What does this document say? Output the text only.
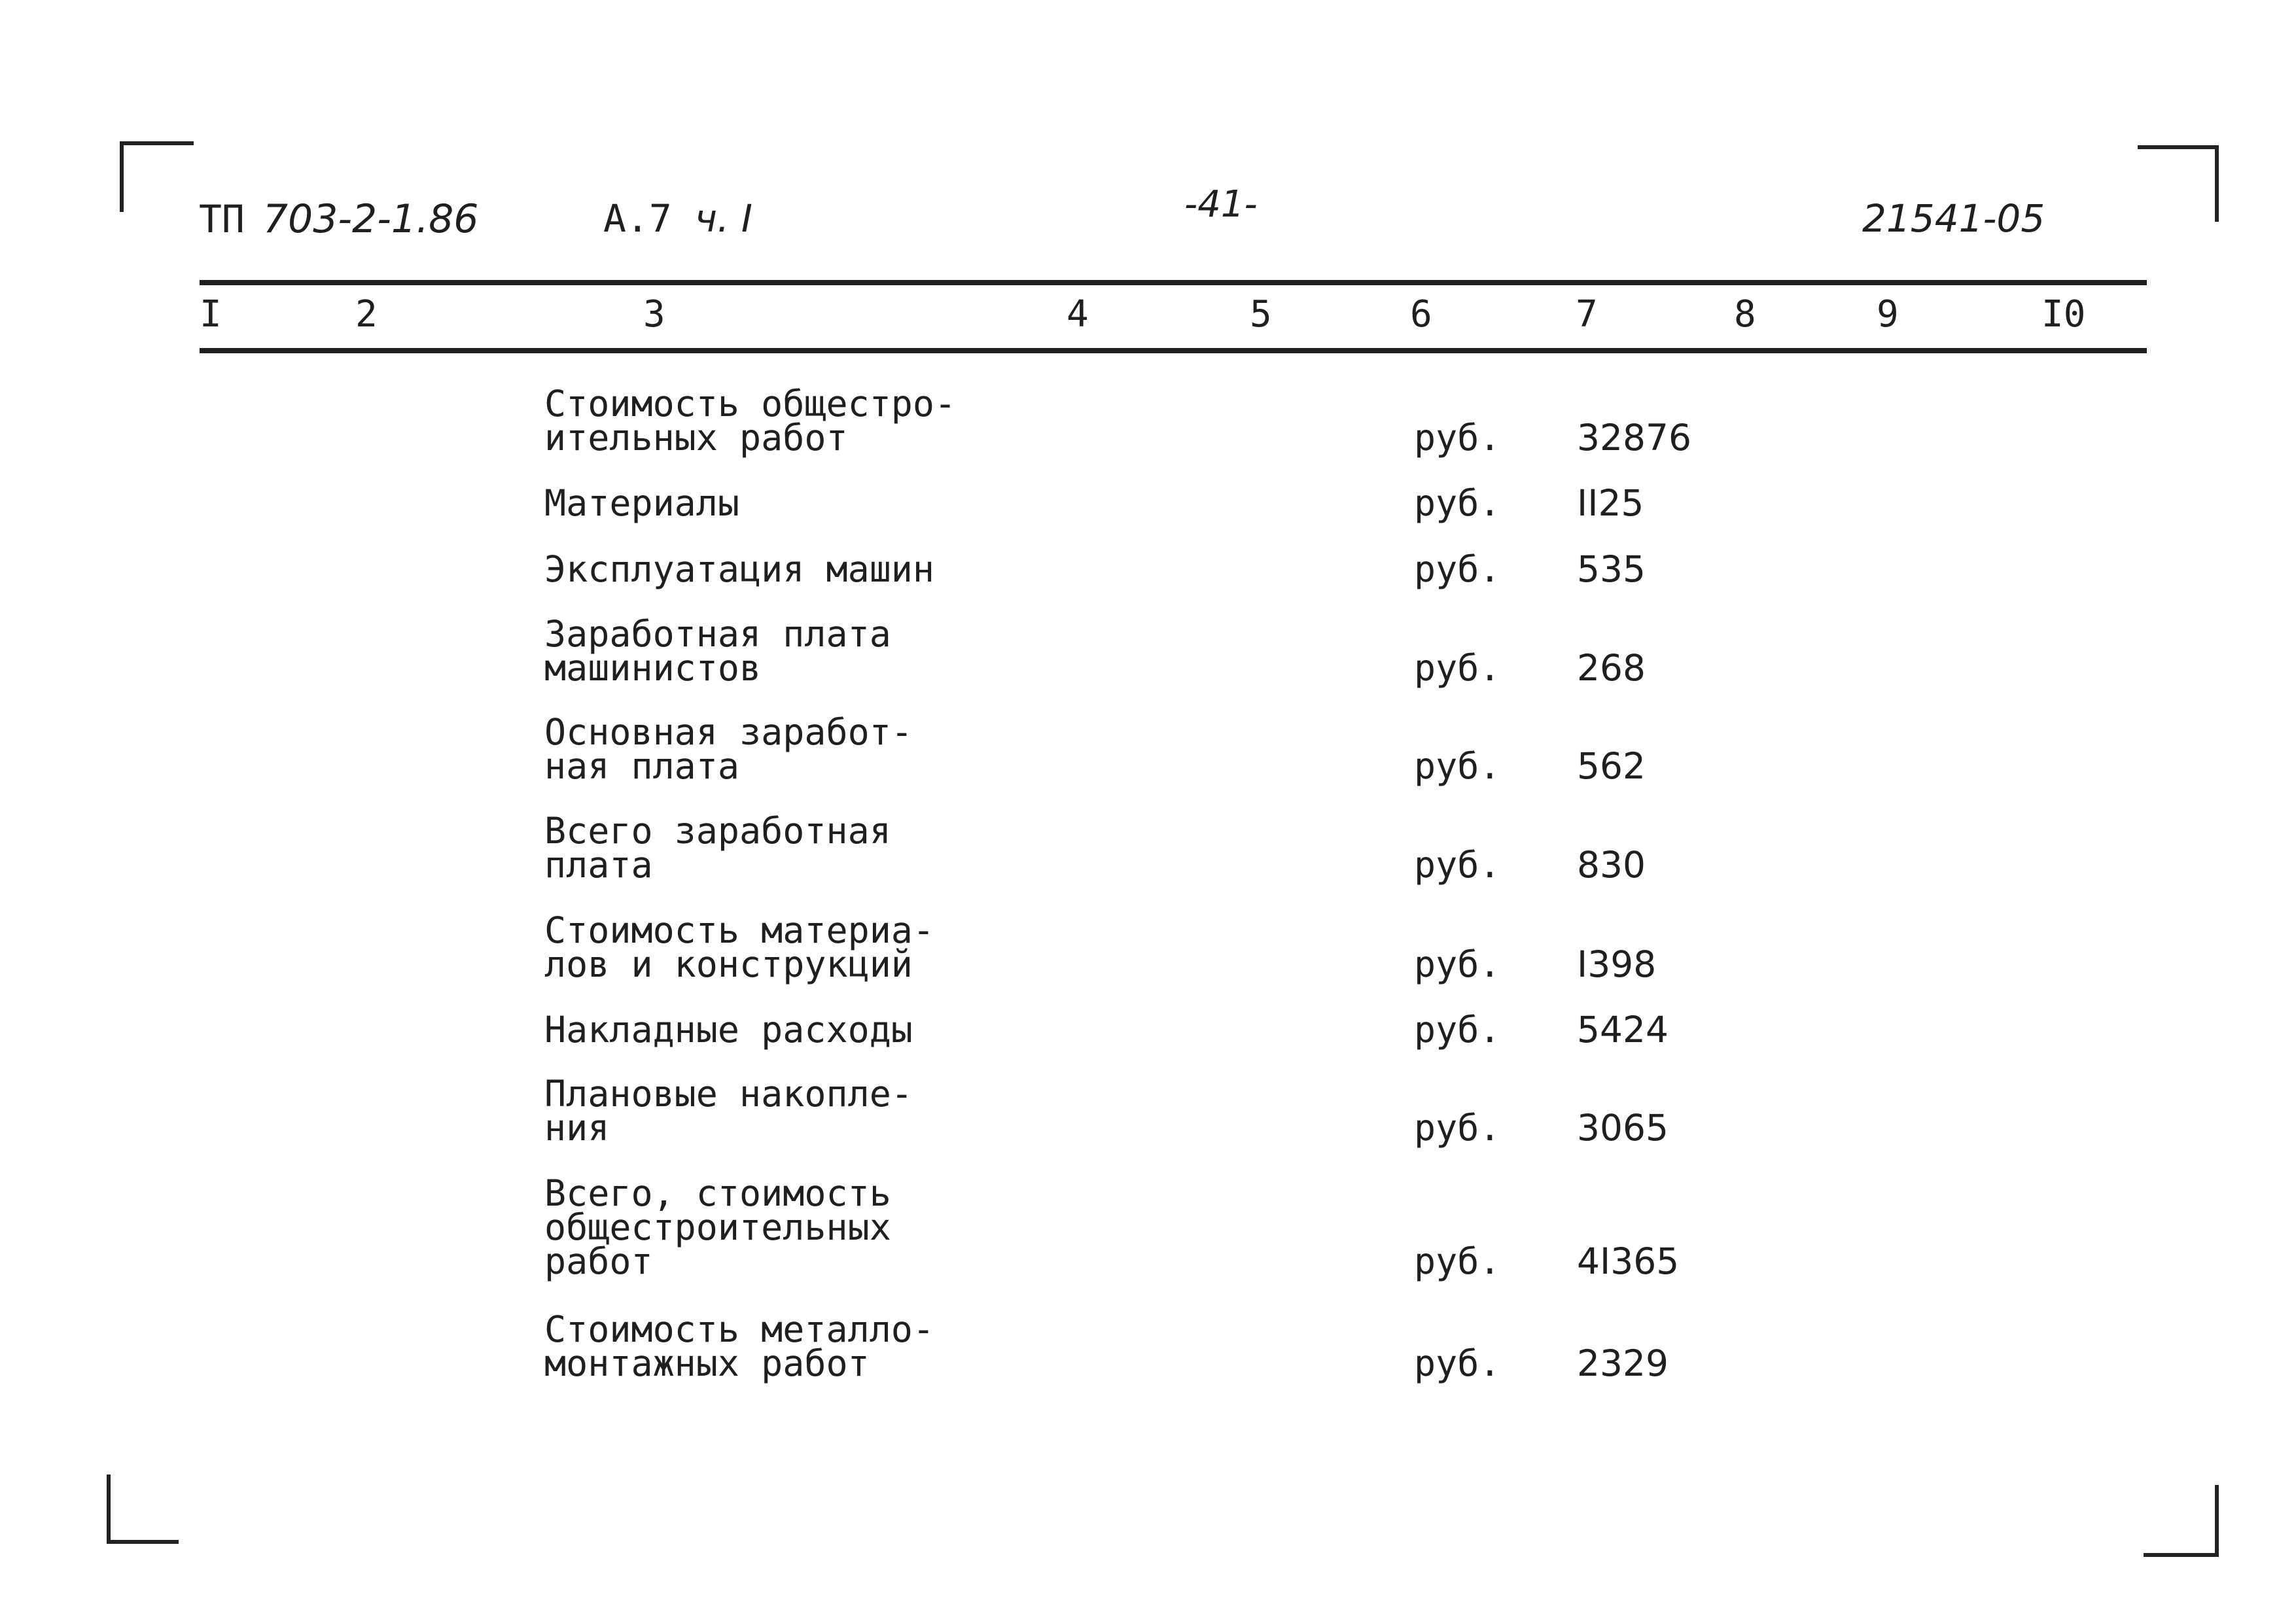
ТП 703-2-1.86	А.7 ч. I	-41-	21541-05
I	2	3	4	5	6	7	8	9	I0
Стоимость общестро-
ительных работ	руб. 32876
Материалы	руб. II25
Эксплуатация машин	руб. 535
Заработная плата
машинистов	руб. 268
Основная заработ-
ная плата	руб. 562
Всего заработная
плата	руб. 830
Стоимость материа-
лов и конструкций	руб. I398
Накладные расходы	руб. 5424
Плановые накопле-
ния	руб. 3065
Всего, стоимость
общестроительных
работ	руб. 4I365
Стоимость металло-
монтажных работ	руб. 2329
